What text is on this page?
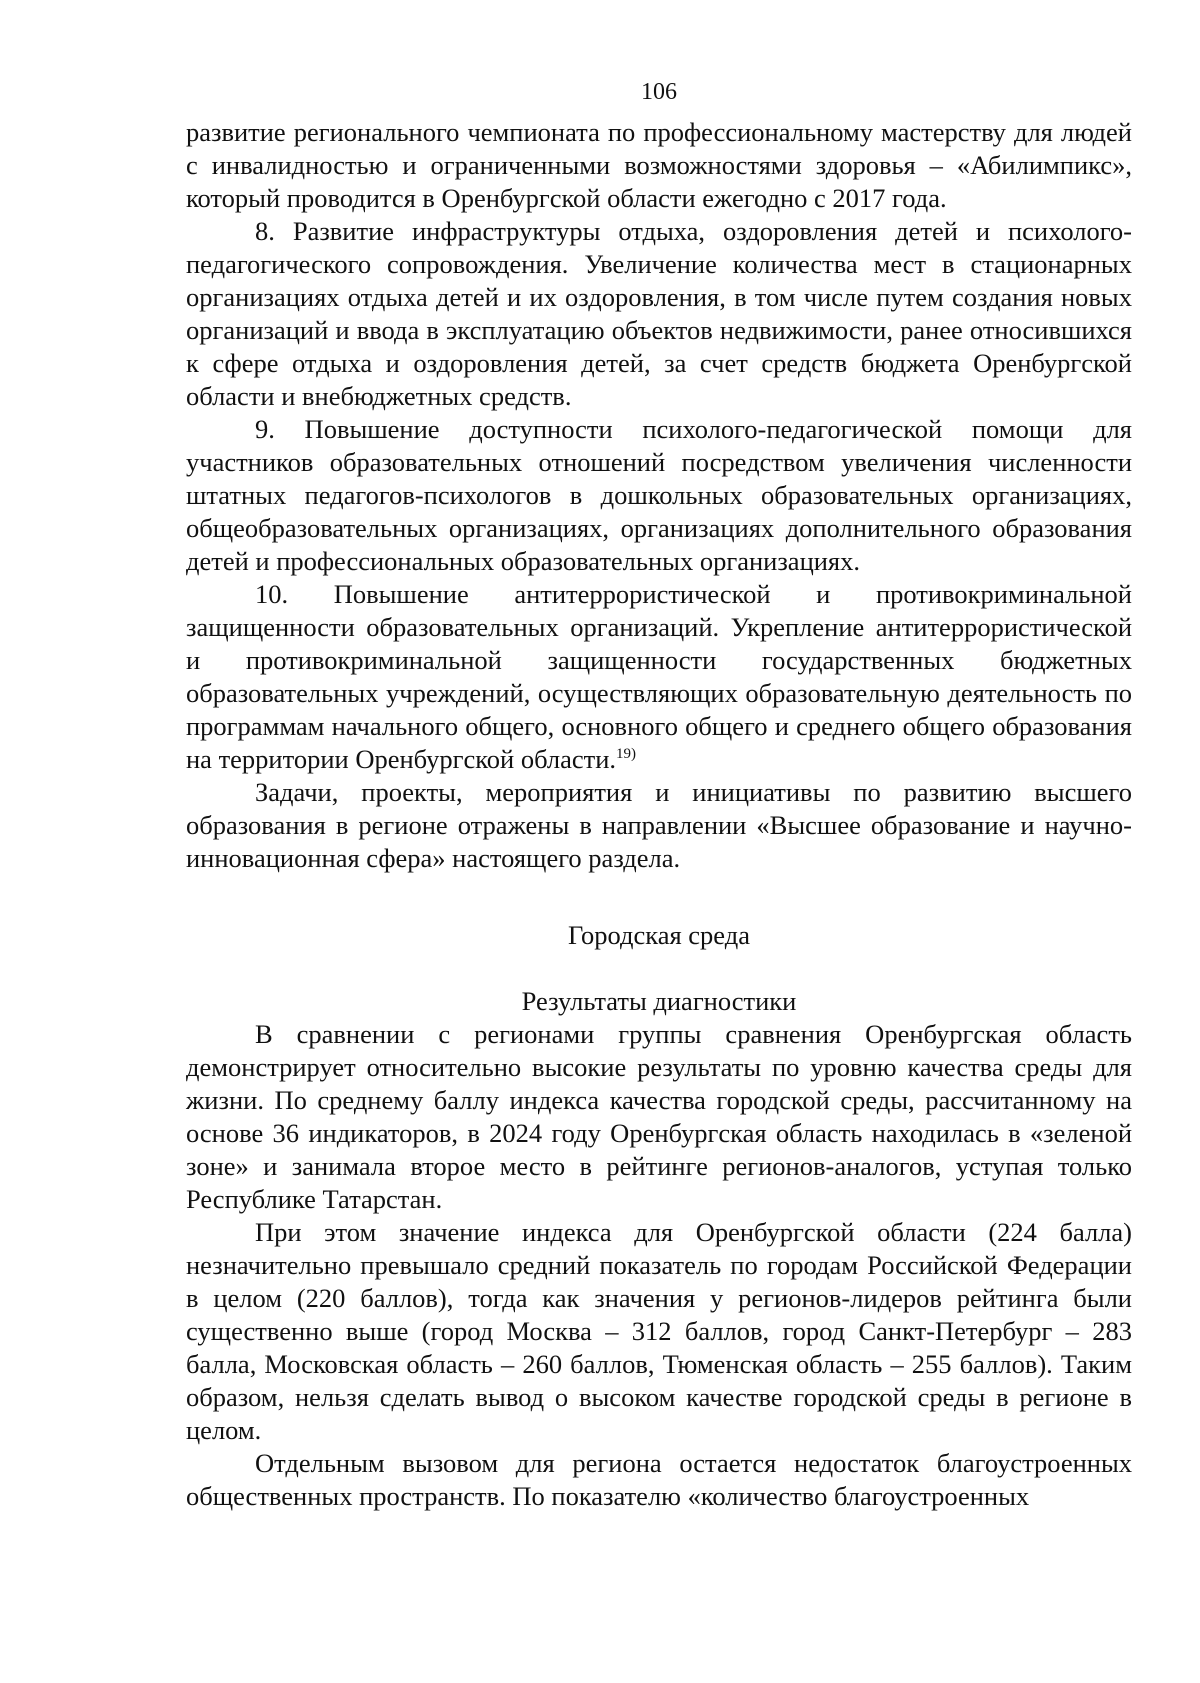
106

развитие регионального чемпионата по профессиональному мастерству для людей с инвалидностью и ограниченными возможностями здоровья – «Абилимпикс», который проводится в Оренбургской области ежегодно с 2017 года.

8. Развитие инфраструктуры отдыха, оздоровления детей и психолого-педагогического сопровождения. Увеличение количества мест в стационарных организациях отдыха детей и их оздоровления, в том числе путем создания новых организаций и ввода в эксплуатацию объектов недвижимости, ранее относившихся к сфере отдыха и оздоровления детей, за счет средств бюджета Оренбургской области и внебюджетных средств.

9. Повышение доступности психолого-педагогической помощи для участников образовательных отношений посредством увеличения численности штатных педагогов-психологов в дошкольных образовательных организациях, общеобразовательных организациях, организациях дополнительного образования детей и профессиональных образовательных организациях.

10. Повышение антитеррористической и противокриминальной защищенности образовательных организаций. Укрепление антитеррористической и противокриминальной защищенности государственных бюджетных образовательных учреждений, осуществляющих образовательную деятельность по программам начального общего, основного общего и среднего общего образования на территории Оренбургской области.$^{19)}$

Задачи, проекты, мероприятия и инициативы по развитию высшего образования в регионе отражены в направлении «Высшее образование и научно-инновационная сфера» настоящего раздела.

Городская среда
Результаты диагностики

В сравнении с регионами группы сравнения Оренбургская область демонстрирует относительно высокие результаты по уровню качества среды для жизни. По среднему баллу индекса качества городской среды, рассчитанному на основе 36 индикаторов, в 2024 году Оренбургская область находилась в «зеленой зоне» и занимала второе место в рейтинге регионов-аналогов, уступая только Республике Татарстан.

При этом значение индекса для Оренбургской области (224 балла) незначительно превышало средний показатель по городам Российской Федерации в целом (220 баллов), тогда как значения у регионов-лидеров рейтинга были существенно выше (город Москва – 312 баллов, город Санкт-Петербург – 283 балла, Московская область – 260 баллов, Тюменская область – 255 баллов). Таким образом, нельзя сделать вывод о высоком качестве городской среды в регионе в целом.

Отдельным вызовом для региона остается недостаток благоустроенных общественных пространств. По показателю «количество благоустроенных
